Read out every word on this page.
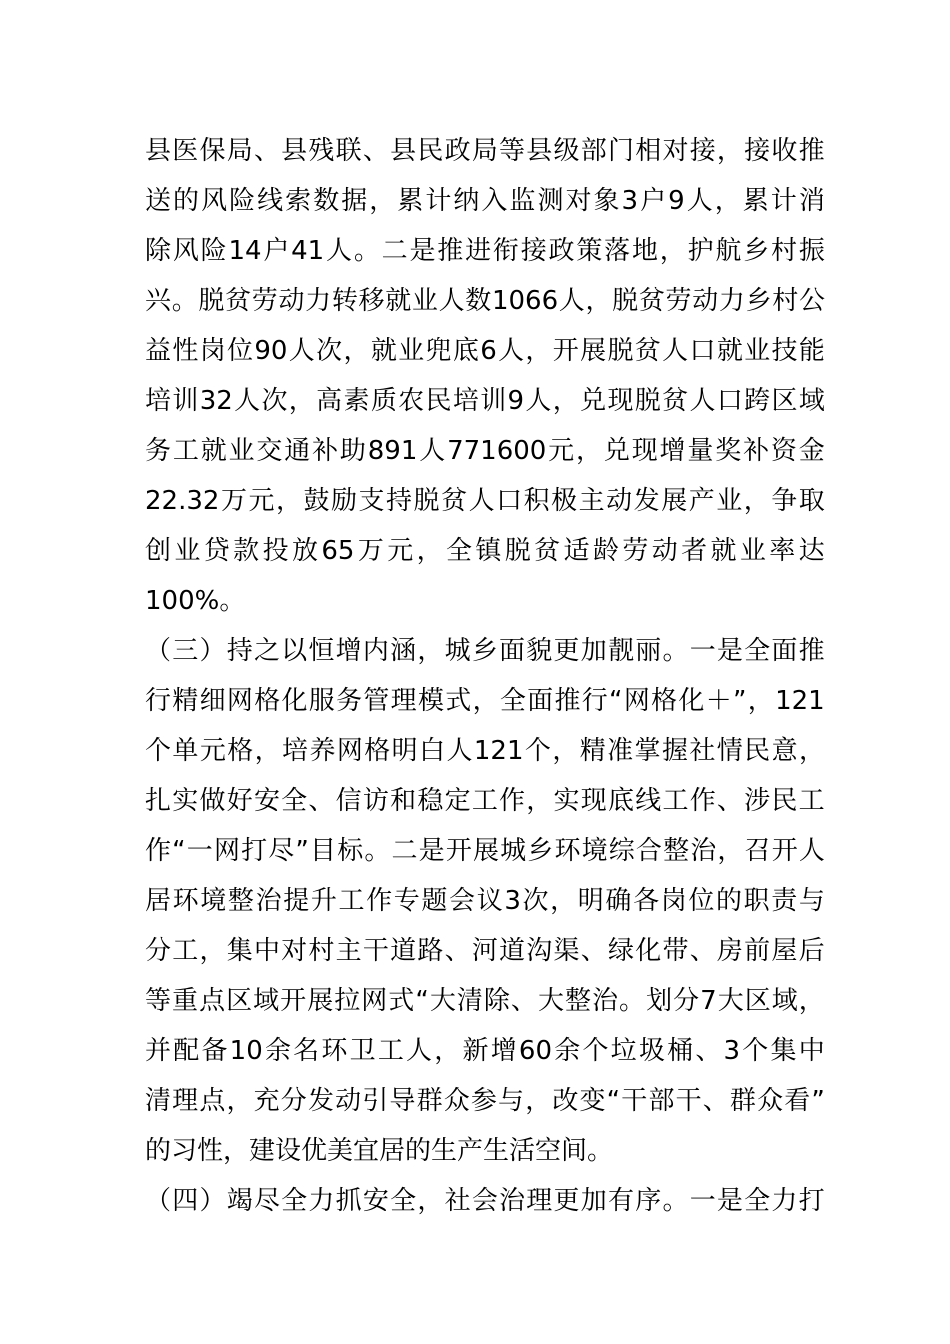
县 医 保 局 、 县 残 联 、 县 民 政 局 等 县 级 部 门 相 对 接 ， 接 收 推
送 的 风 险 线 索 数 据 ， 累 计 纳 入 监 测 对 象 3 户 9 人 ， 累 计 消
除 风 险 14 户 41 人 。 二 是 推 进 衔 接 政 策 落 地 ， 护 航 乡 村 振
兴 。 脱 贫 劳 动 力 转 移 就 业 人 数 1066 人 ， 脱 贫 劳 动 力 乡 村 公
益 性 岗 位 90 人 次 ， 就 业 兜 底 6 人 ， 开 展 脱 贫 人 口 就 业 技 能
培 训 32 人 次 ， 高 素 质 农 民 培 训 9 人 ， 兑 现 脱 贫 人 口 跨 区 域
务 工 就 业 交 通 补 助 891 人 771600 元 ， 兑 现 增 量 奖 补 资 金
22.32 万 元 ， 鼓 励 支 持 脱 贫 人 口 积 极 主 动 发 展 产 业 ， 争 取
创 业 贷 款 投 放 65 万 元 ， 全 镇 脱 贫 适 龄 劳 动 者 就 业 率 达
100%。
（ 三 ） 持 之 以 恒 增 内 涵 ， 城 乡 面 貌 更 加 靓 丽 。 一 是 全 面 推
行 精 细 网 格 化 服 务 管 理 模 式 ， 全 面 推 行 “ 网 格 化 ＋ ” ， 121
个 单 元 格 ， 培 养 网 格 明 白 人 121 个 ， 精 准 掌 握 社 情 民 意 ，
扎 实 做 好 安 全 、 信 访 和 稳 定 工 作 ， 实 现 底 线 工 作 、 涉 民 工
作 “ 一 网 打 尽 ” 目 标 。 二 是 开 展 城 乡 环 境 综 合 整 治 ， 召 开 人
居 环 境 整 治 提 升 工 作 专 题 会 议 3 次 ， 明 确 各 岗 位 的 职 责 与
分 工 ， 集 中 对 村 主 干 道 路 、 河 道 沟 渠 、 绿 化 带 、 房 前 屋 后
等 重 点 区 域 开 展 拉 网 式 “ 大 清 除 、 大 整 治 。 划 分 7 大 区 域 ，
并 配 备 10 余 名 环 卫 工 人 ， 新 增 60 余 个 垃 圾 桶 、 3 个 集 中
清 理 点 ， 充 分 发 动 引 导 群 众 参 与 ， 改 变 “ 干 部 干 、 群 众 看 ”
的习性，建设优美宜居的生产生活空间。
（ 四 ） 竭 尽 全 力 抓 安 全 ， 社 会 治 理 更 加 有 序 。 一 是 全 力 打
